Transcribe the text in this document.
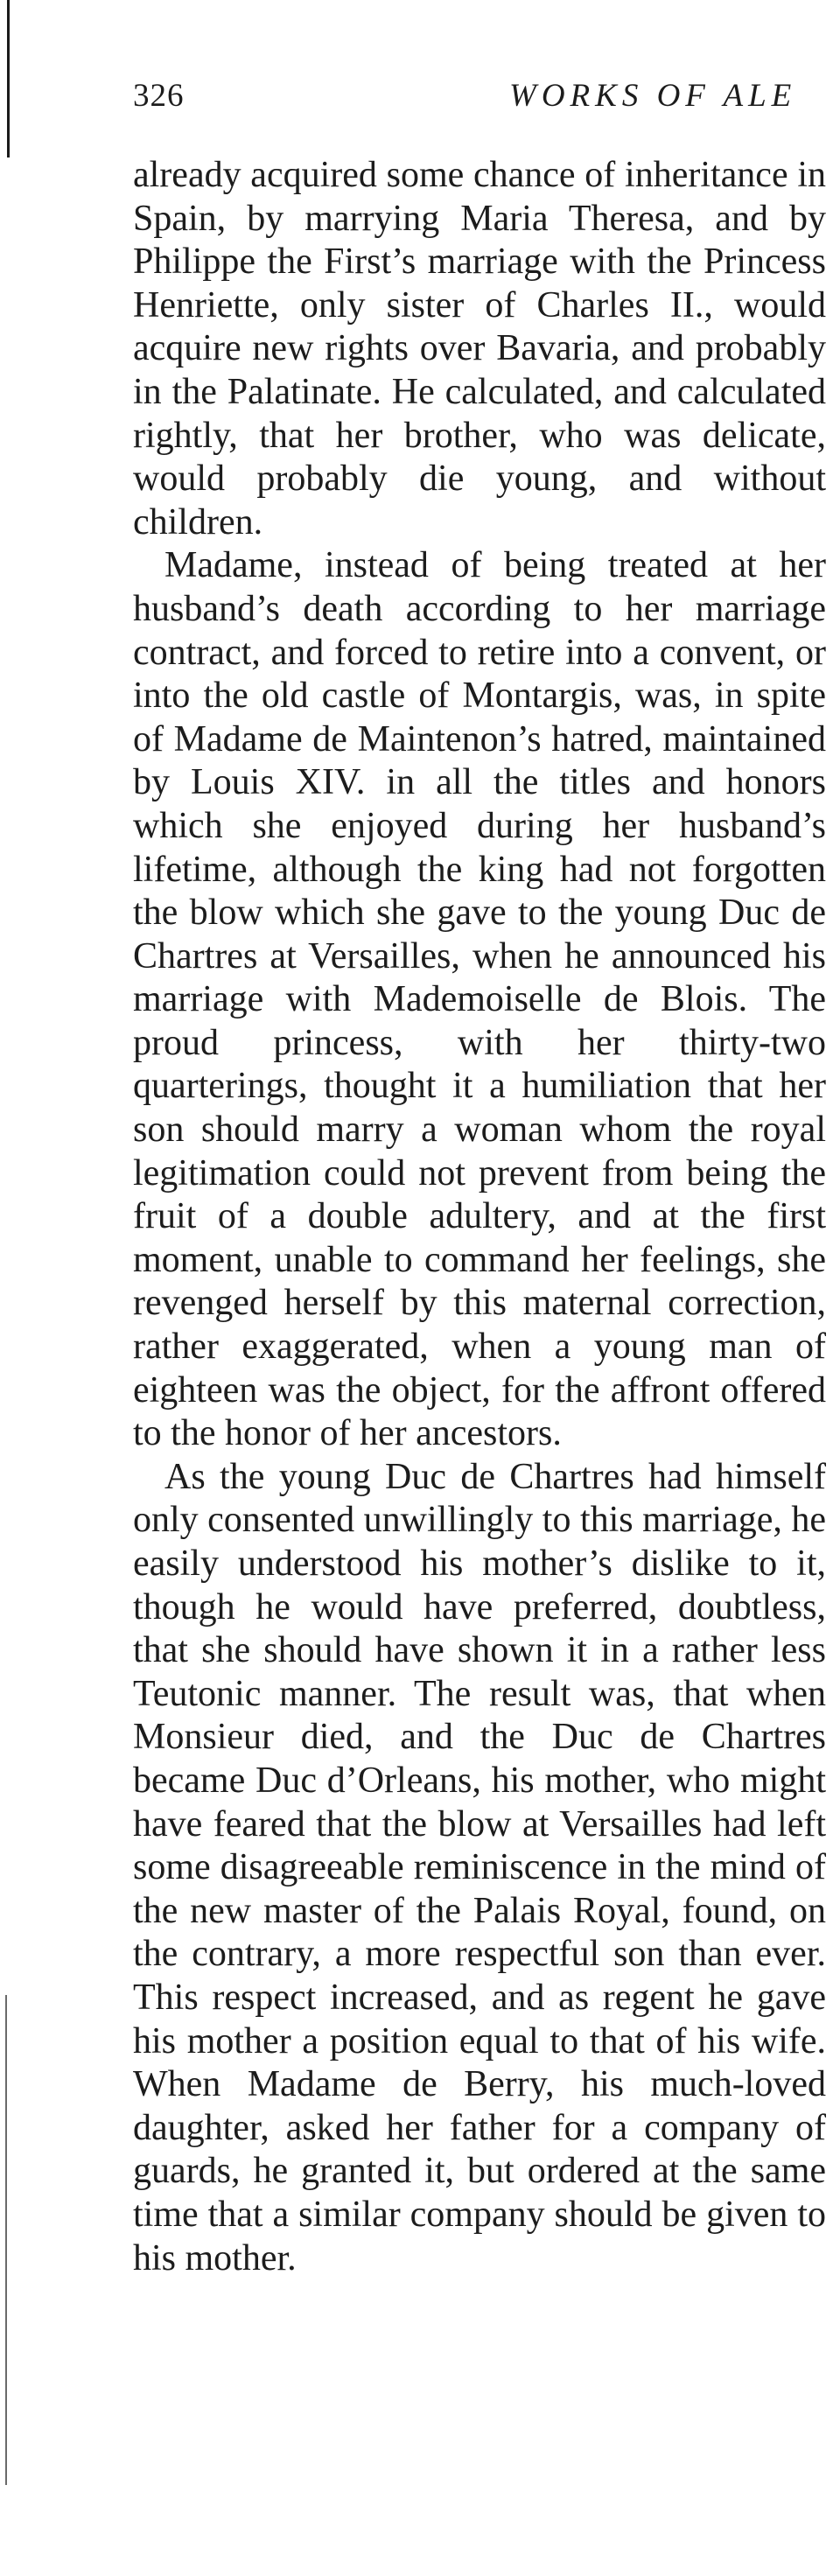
326	WORKS OF ALE

already acquired some chance of inheritance in Spain, by marrying Maria Theresa, and by Philippe the First’s marriage with the Princess Henriette, only sister of Charles II., would acquire new rights over Bavaria, and probably in the Palatinate. He calculated, and calculated rightly, that her brother, who was delicate, would probably die young, and without children.

Madame, instead of being treated at her husband’s death according to her marriage contract, and forced to retire into a convent, or into the old castle of Montargis, was, in spite of Madame de Maintenon’s hatred, maintained by Louis XIV. in all the titles and honors which she enjoyed during her husband’s lifetime, although the king had not forgotten the blow which she gave to the young Duc de Chartres at Versailles, when he announced his marriage with Mademoiselle de Blois. The proud princess, with her thirty-two quarterings, thought it a humiliation that her son should marry a woman whom the royal legitimation could not prevent from being the fruit of a double adultery, and at the first moment, unable to command her feelings, she revenged herself by this maternal correction, rather exaggerated, when a young man of eighteen was the object, for the affront offered to the honor of her ancestors.

As the young Duc de Chartres had himself only consented unwillingly to this marriage, he easily understood his mother’s dislike to it, though he would have preferred, doubtless, that she should have shown it in a rather less Teutonic manner. The result was, that when Monsieur died, and the Duc de Chartres became Duc d’Orleans, his mother, who might have feared that the blow at Versailles had left some disagreeable reminiscence in the mind of the new master of the Palais Royal, found, on the contrary, a more respectful son than ever. This respect increased, and as regent he gave his mother a position equal to that of his wife. When Madame de Berry, his much-loved daughter, asked her father for a company of guards, he granted it, but ordered at the same time that a similar company should be given to his mother.
